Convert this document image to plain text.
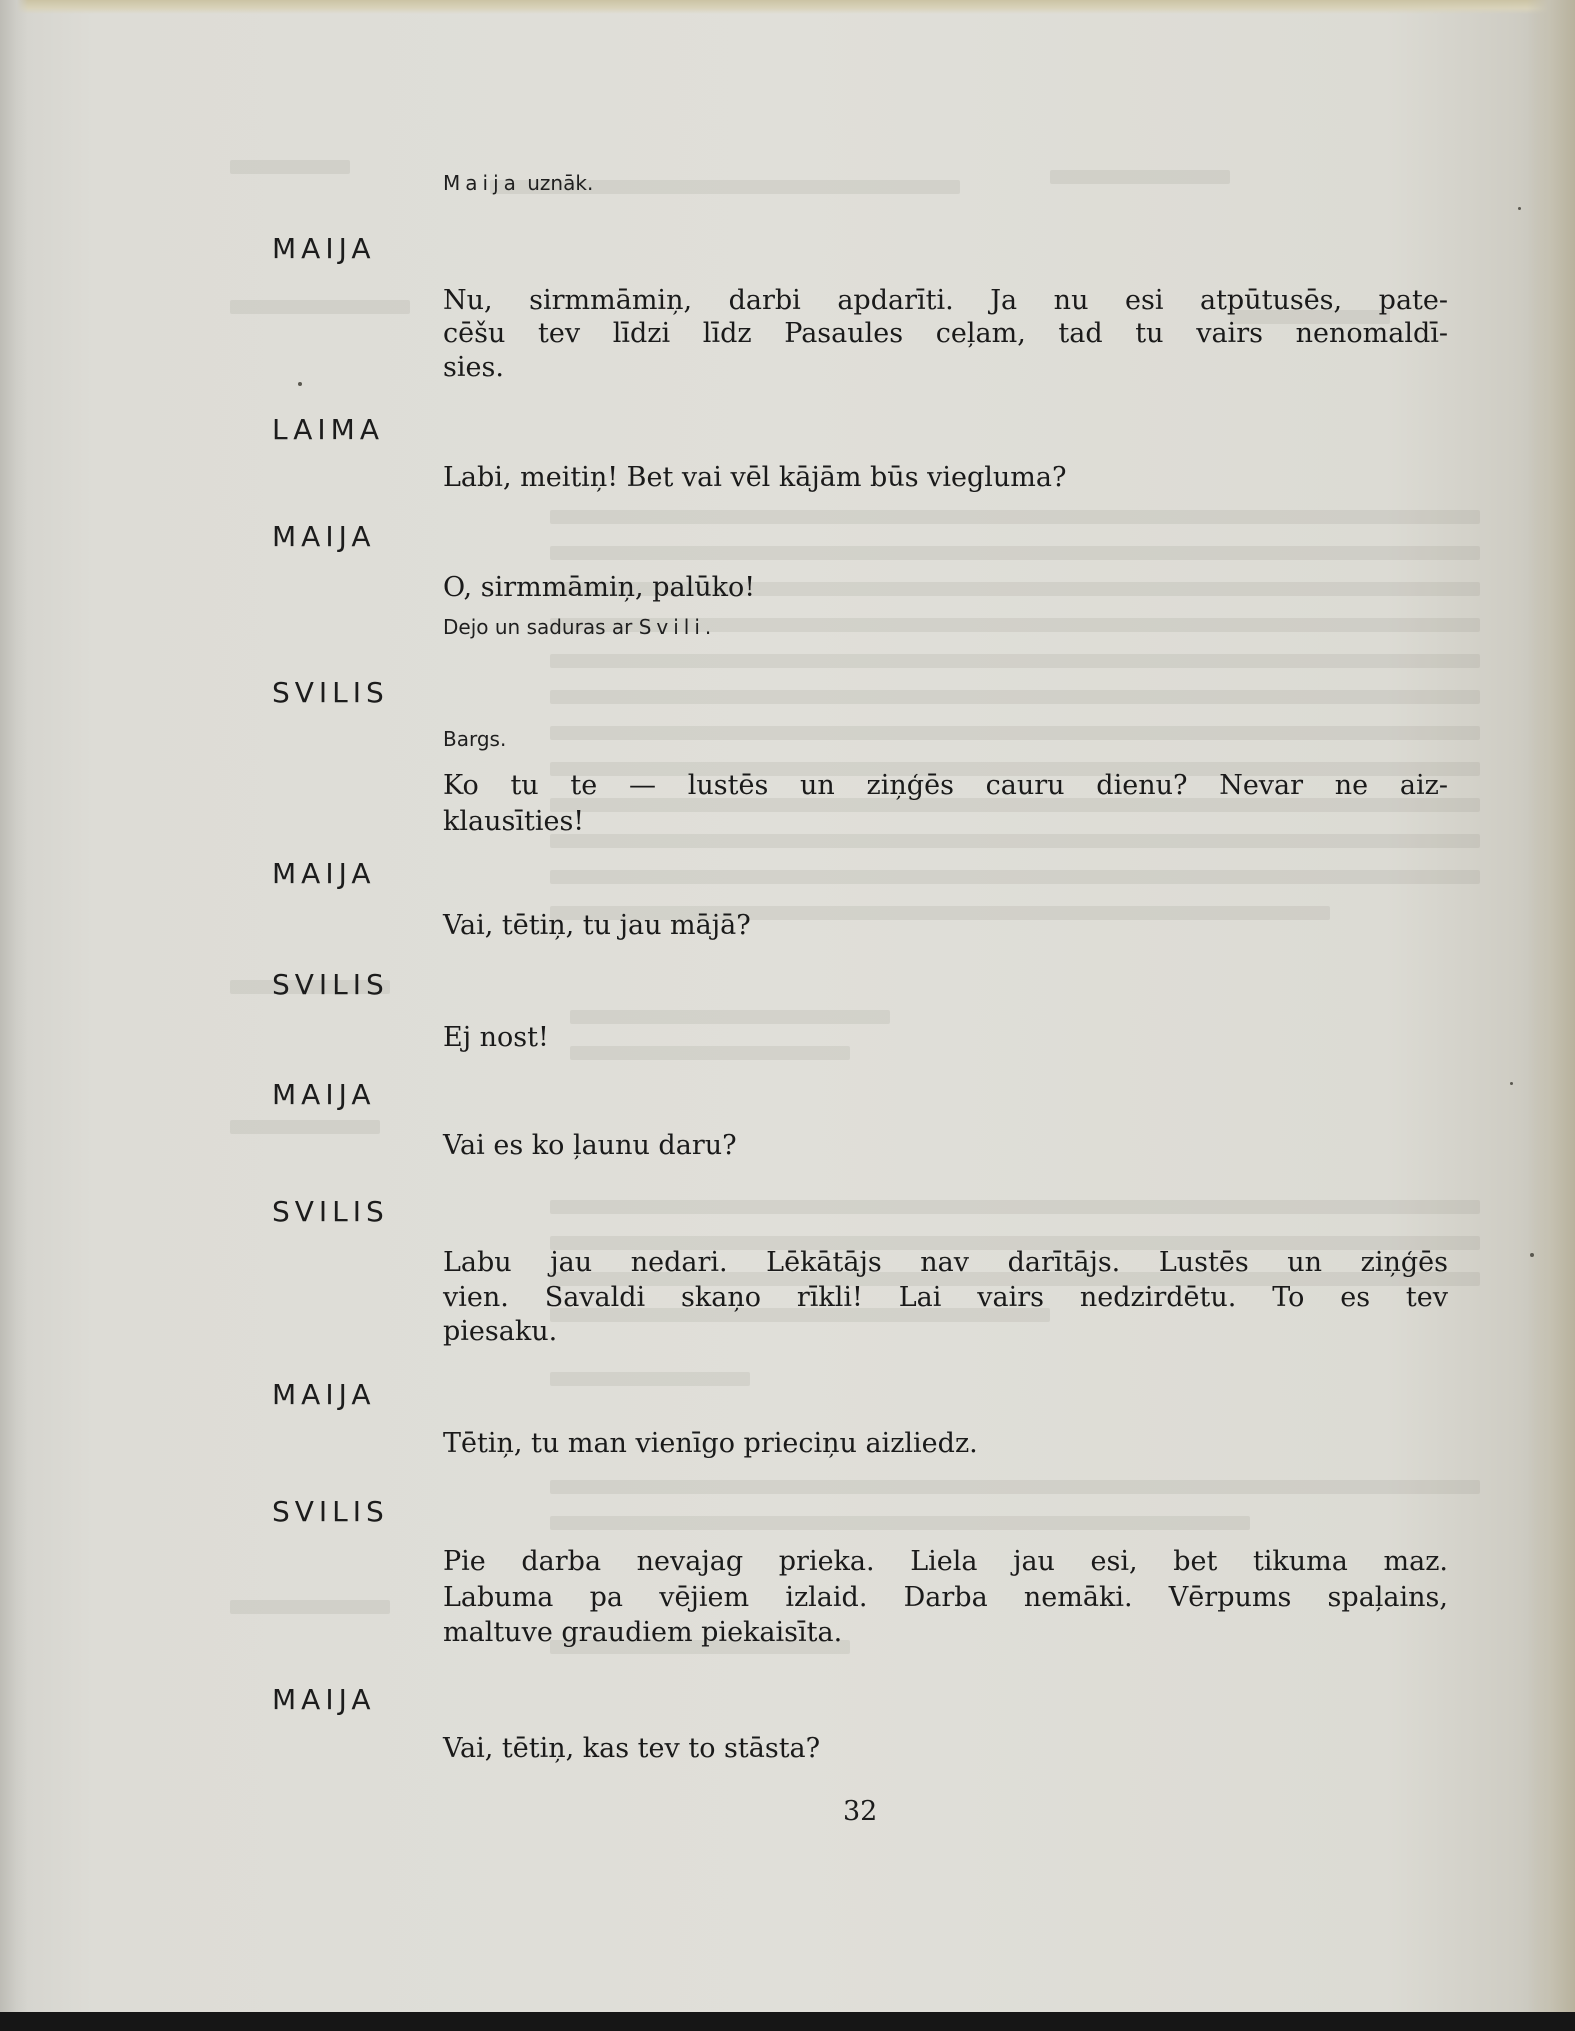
Maija uznāk.
MAIJA
Nu, sirmmāmiņ, darbi apdarīti. Ja nu esi atpūtusēs, pate-
cēšu tev līdzi līdz Pasaules ceļam, tad tu vairs nenomaldī-
sies.
LAIMA
Labi, meitiņ! Bet vai vēl kājām būs viegluma?
MAIJA
O, sirmmāmiņ, palūko!
Dejo un saduras ar Svili.
SVILIS
Bargs.
Ko tu te — lustēs un ziņģēs cauru dienu? Nevar ne aiz-
klausīties!
MAIJA
Vai, tētiņ, tu jau mājā?
SVILIS
Ej nost!
MAIJA
Vai es ko ļaunu daru?
SVILIS
Labu jau nedari. Lēkātājs nav darītājs. Lustēs un ziņģēs
vien. Savaldi skaņo rīkli! Lai vairs nedzirdētu. To es tev
piesaku.
MAIJA
Tētiņ, tu man vienīgo prieciņu aizliedz.
SVILIS
Pie darba nevajag prieka. Liela jau esi, bet tikuma maz.
Labuma pa vējiem izlaid. Darba nemāki. Vērpums spaļains,
maltuve graudiem piekaisīta.
MAIJA
Vai, tētiņ, kas tev to stāsta?
32
